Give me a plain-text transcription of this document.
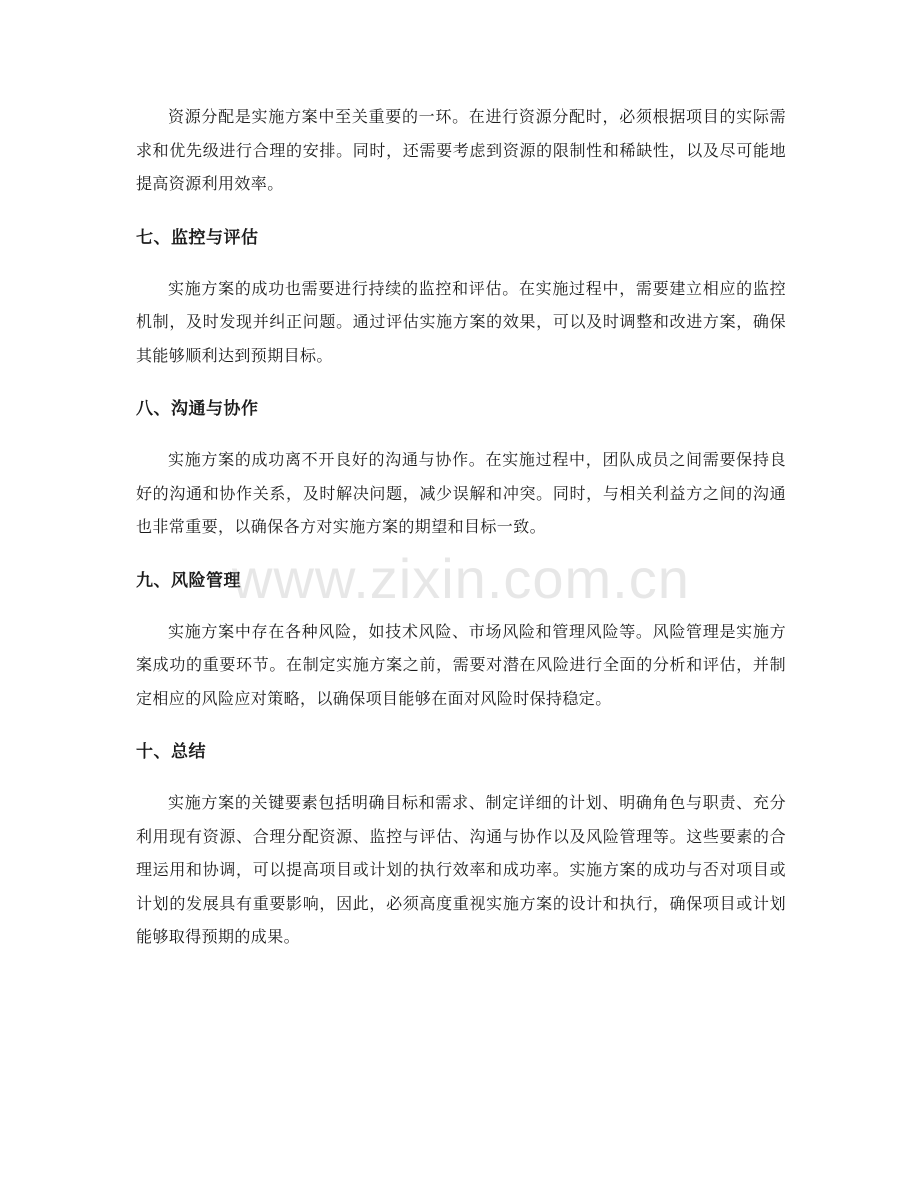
资源分配是实施方案中至关重要的一环。在进行资源分配时，必须根据项目的实际需求和优先级进行合理的安排。同时，还需要考虑到资源的限制性和稀缺性，以及尽可能地提高资源利用效率。

七、监控与评估

实施方案的成功也需要进行持续的监控和评估。在实施过程中，需要建立相应的监控机制，及时发现并纠正问题。通过评估实施方案的效果，可以及时调整和改进方案，确保其能够顺利达到预期目标。

八、沟通与协作

实施方案的成功离不开良好的沟通与协作。在实施过程中，团队成员之间需要保持良好的沟通和协作关系，及时解决问题，减少误解和冲突。同时，与相关利益方之间的沟通也非常重要，以确保各方对实施方案的期望和目标一致。

九、风险管理

实施方案中存在各种风险，如技术风险、市场风险和管理风险等。风险管理是实施方案成功的重要环节。在制定实施方案之前，需要对潜在风险进行全面的分析和评估，并制定相应的风险应对策略，以确保项目能够在面对风险时保持稳定。

十、总结

实施方案的关键要素包括明确目标和需求、制定详细的计划、明确角色与职责、充分利用现有资源、合理分配资源、监控与评估、沟通与协作以及风险管理等。这些要素的合理运用和协调，可以提高项目或计划的执行效率和成功率。实施方案的成功与否对项目或计划的发展具有重要影响，因此，必须高度重视实施方案的设计和执行，确保项目或计划能够取得预期的成果。

www.zixin.com.cn
